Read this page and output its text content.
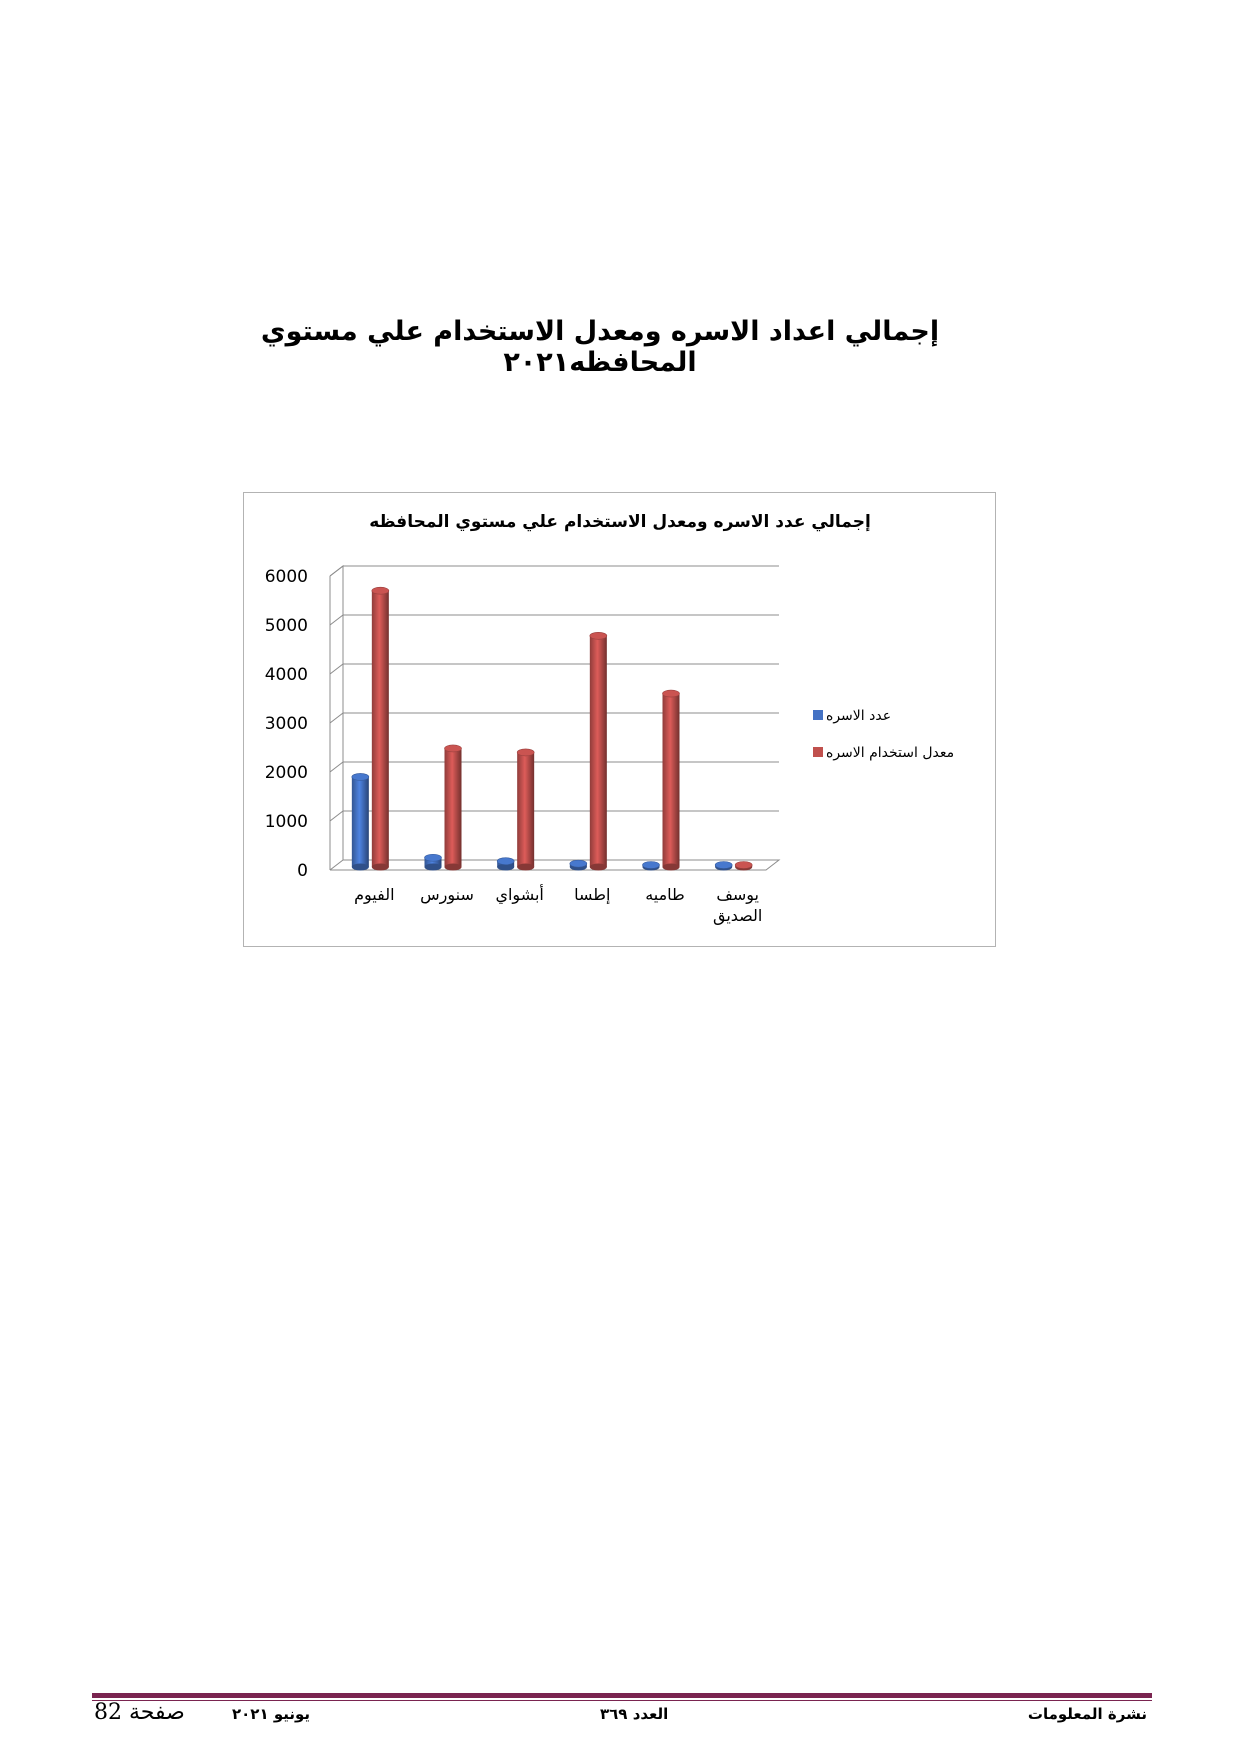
إجمالي اعداد الاسره ومعدل الاستخدام علي مستوي المحافظه٢٠٢١
إجمالي عدد الاسره ومعدل الاستخدام علي مستوي المحافظه
0
1000
2000
3000
4000
5000
6000
الفيوم سنورس أبشواي إطسا طاميه يوسف
الصديق
عدد الاسره
معدل استخدام الاسره
نشرة المعلومات
العدد ٣٦٩
يونيو ٢٠٢١
صفحة 82
